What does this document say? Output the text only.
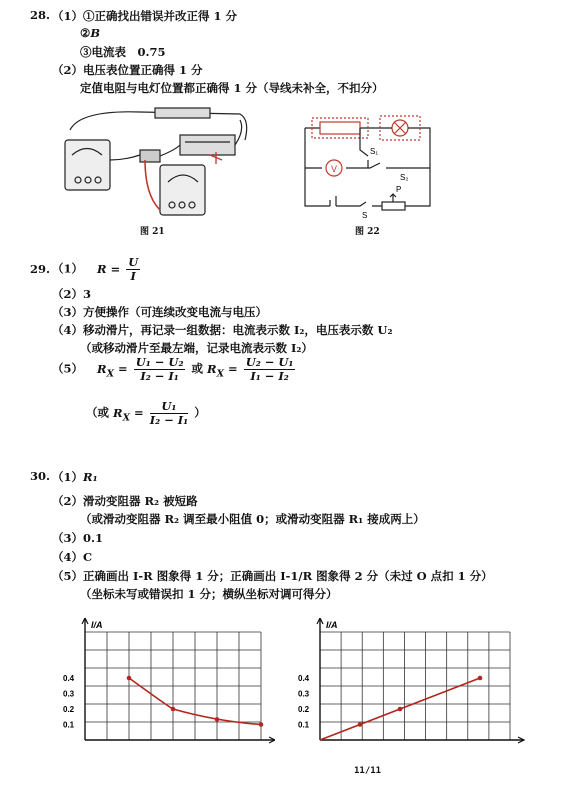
28. （1）①正确找出错误并改正得 1 分
②B
③电流表　0.75
（2）电压表位置正确得 1 分
定值电阻与电灯位置都正确得 1 分（导线未补全，不扣分）
图 21
V
S₁
S₂
S
P
图 22
29. （1） $R = \frac{U}{I}$
（2）3
（3）方便操作（可连续改变电流与电压）
（4）移动滑片，再记录一组数据：电流表示数 I₂，电压表示数 U₂
（或移动滑片至最左端，记录电流表示数 I₂）
（5） $R_X = \frac{\text{U₁ − U₂}}{\text{I₂ − I₁}}$ 或 $R_X = \frac{\text{U₂ − U₁}}{\text{I₁ − I₂}}$
（或 $R_X = \frac{\text{U₁}}{\text{I₂ − I₁}}$ ）
30. （1）R₁
（2）滑动变阻器 R₂ 被短路
（或滑动变阻器 R₂ 调至最小阻值 0；或滑动变阻器 R₁ 接成两上）
（3）0.1
（4）C
（5）正确画出 I-R 图象得 1 分；正确画出 I-1/R 图象得 2 分（未过 O 点扣 1 分）
（坐标未写或错误扣 1 分；横纵坐标对调可得分）
I/A
0.4
0.3
0.2
0.1
I/A
0.4
0.3
0.2
0.1
11/11
